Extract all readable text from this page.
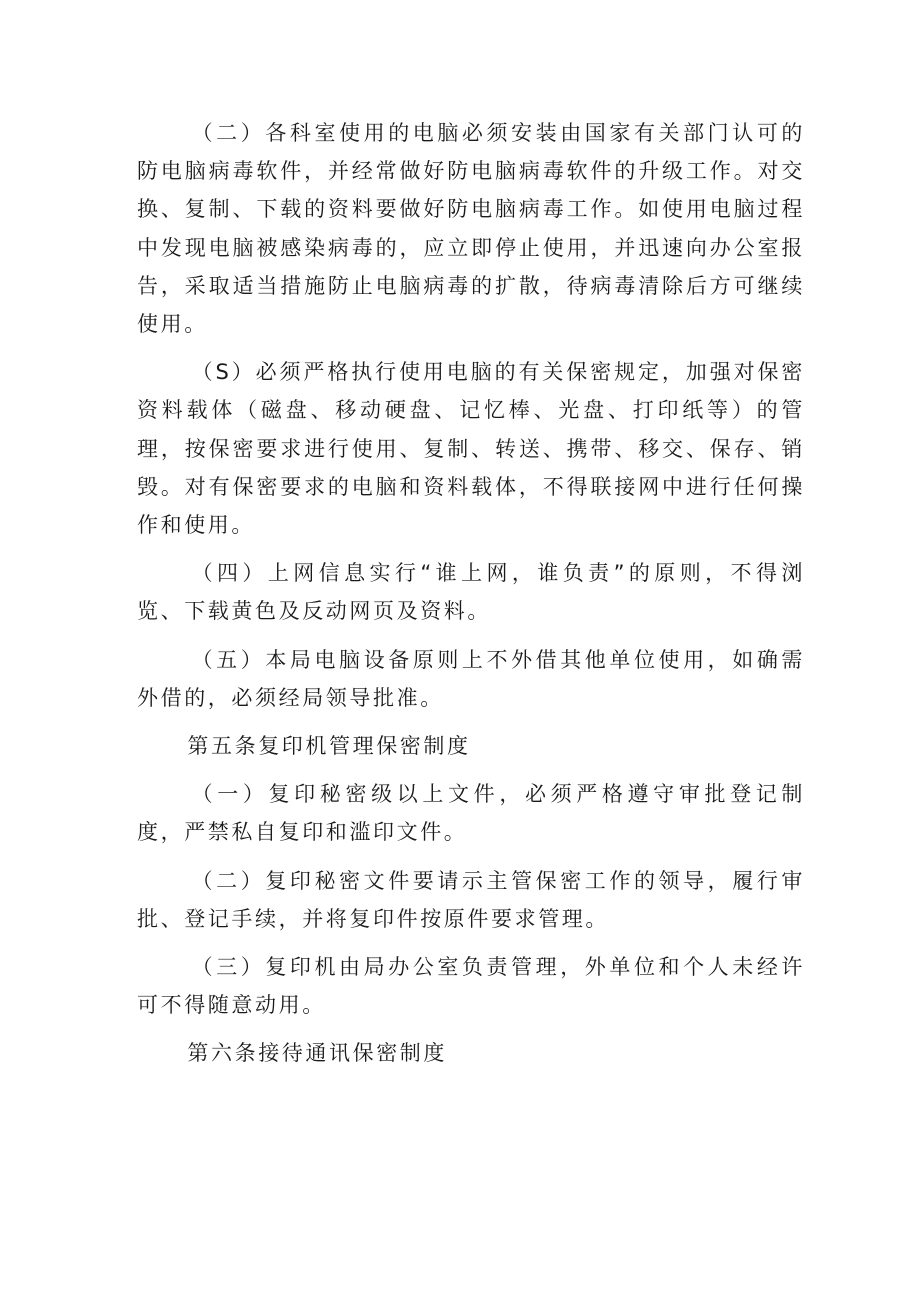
（二）各科室使用的电脑必须安装由国家有关部门认可的防电脑病毒软件，并经常做好防电脑病毒软件的升级工作。对交换、复制、下载的资料要做好防电脑病毒工作。如使用电脑过程中发现电脑被感染病毒的，应立即停止使用，并迅速向办公室报告，采取适当措施防止电脑病毒的扩散，待病毒清除后方可继续使用。

（S）必须严格执行使用电脑的有关保密规定，加强对保密资料载体（磁盘、移动硬盘、记忆棒、光盘、打印纸等）的管理，按保密要求进行使用、复制、转送、携带、移交、保存、销毁。对有保密要求的电脑和资料载体，不得联接网中进行任何操作和使用。

（四）上网信息实行“谁上网，谁负责”的原则，不得浏览、下载黄色及反动网页及资料。

（五）本局电脑设备原则上不外借其他单位使用，如确需外借的，必须经局领导批准。

第五条复印机管理保密制度

（一）复印秘密级以上文件，必须严格遵守审批登记制度，严禁私自复印和滥印文件。

（二）复印秘密文件要请示主管保密工作的领导，履行审批、登记手续，并将复印件按原件要求管理。

（三）复印机由局办公室负责管理，外单位和个人未经许可不得随意动用。

第六条接待通讯保密制度
